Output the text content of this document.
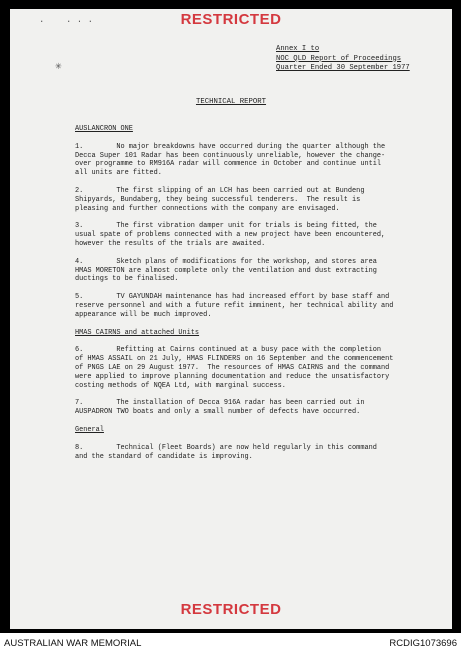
RESTRICTED
·    · · ·
✳
Annex I to
NOC QLD Report of Proceedings
Quarter Ended 30 September 1977
TECHNICAL REPORT
AUSLANCRON ONE
1.        No major breakdowns have occurred during the quarter although the
Decca Super 101 Radar has been continuously unreliable, however the change-
over programme to RM916A radar will commence in October and continue until
all units are fitted.
2.        The first slipping of an LCH has been carried out at Bundeng
Shipyards, Bundaberg, they being successful tenderers.  The result is
pleasing and further connections with the company are envisaged.
3.        The first vibration damper unit for trials is being fitted, the
usual spate of problems connected with a new project have been encountered,
however the results of the trials are awaited.
4.        Sketch plans of modifications for the workshop, and stores area
HMAS MORETON are almost complete only the ventilation and dust extracting
ductings to be finalised.
5.        TV GAYUNDAH maintenance has had increased effort by base staff and
reserve personnel and with a future refit imminent, her technical ability and
appearance will be much improved.
HMAS CAIRNS and attached Units
6.        Refitting at Cairns continued at a busy pace with the completion
of HMAS ASSAIL on 21 July, HMAS FLINDERS on 16 September and the commencement
of PNGS LAE on 29 August 1977.  The resources of HMAS CAIRNS and the command
were applied to improve planning documentation and reduce the unsatisfactory
costing methods of NQEA Ltd, with marginal success.
7.        The installation of Decca 916A radar has been carried out in
AUSPADRON TWO boats and only a small number of defects have occurred.
General
8.        Technical (Fleet Boards) are now held regularly in this command
and the standard of candidate is improving.
RESTRICTED
AUSTRALIAN WAR MEMORIAL	RCDIG1073696
